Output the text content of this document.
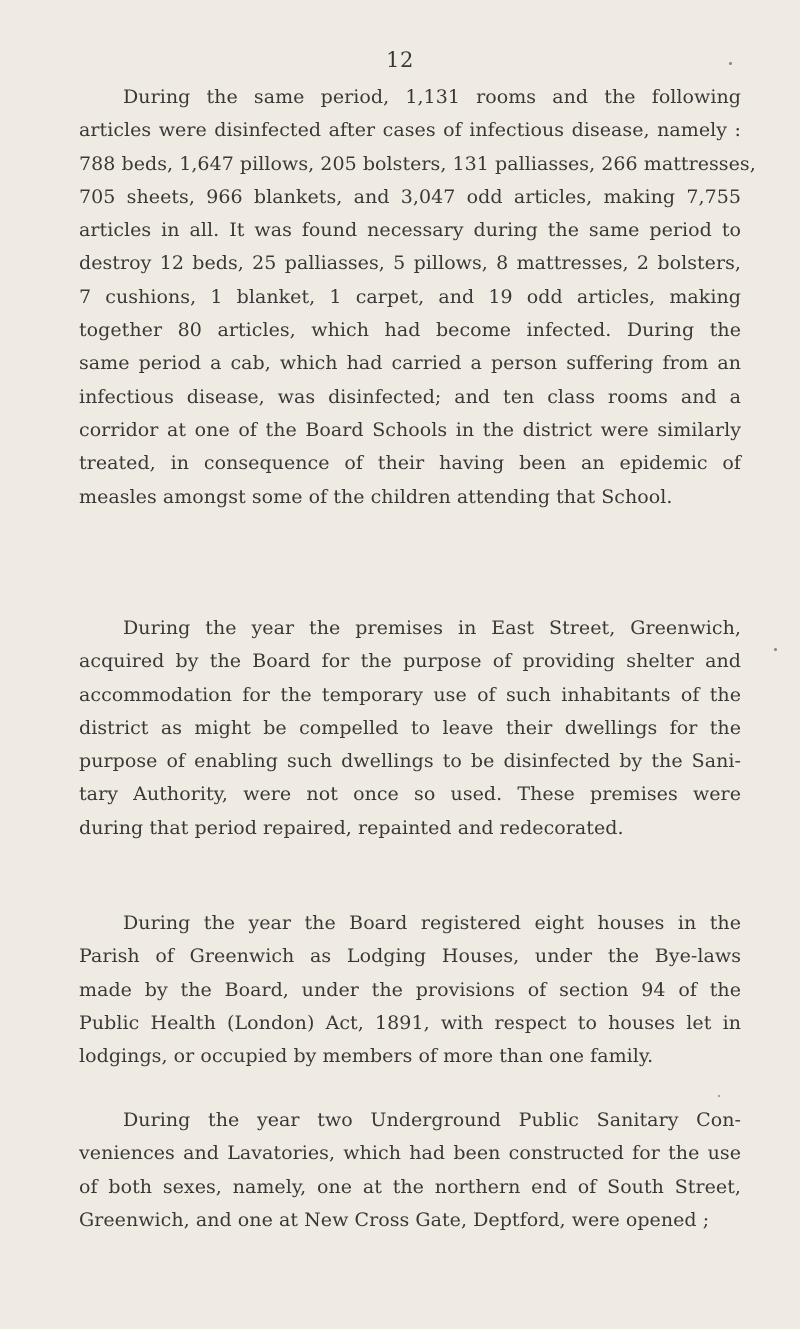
12
During the same period, 1,131 rooms and the following
articles were disinfected after cases of infectious disease, namely :
788 beds, 1,647 pillows, 205 bolsters, 131 palliasses, 266 mattresses,
705 sheets, 966 blankets, and 3,047 odd articles, making 7,755
articles in all. It was found necessary during the same period to
destroy 12 beds, 25 palliasses, 5 pillows, 8 mattresses, 2 bolsters,
7 cushions, 1 blanket, 1 carpet, and 19 odd articles, making
together 80 articles, which had become infected. During the
same period a cab, which had carried a person suffering from an
infectious disease, was disinfected; and ten class rooms and a
corridor at one of the Board Schools in the district were similarly
treated, in consequence of their having been an epidemic of
measles amongst some of the children attending that School.
During the year the premises in East Street, Greenwich,
acquired by the Board for the purpose of providing shelter and
accommodation for the temporary use of such inhabitants of the
district as might be compelled to leave their dwellings for the
purpose of enabling such dwellings to be disinfected by the Sani-
tary Authority, were not once so used. These premises were
during that period repaired, repainted and redecorated.
During the year the Board registered eight houses in the
Parish of Greenwich as Lodging Houses, under the Bye-laws
made by the Board, under the provisions of section 94 of the
Public Health (London) Act, 1891, with respect to houses let in
lodgings, or occupied by members of more than one family.
During the year two Underground Public Sanitary Con-
veniences and Lavatories, which had been constructed for the use
of both sexes, namely, one at the northern end of South Street,
Greenwich, and one at New Cross Gate, Deptford, were opened ;
